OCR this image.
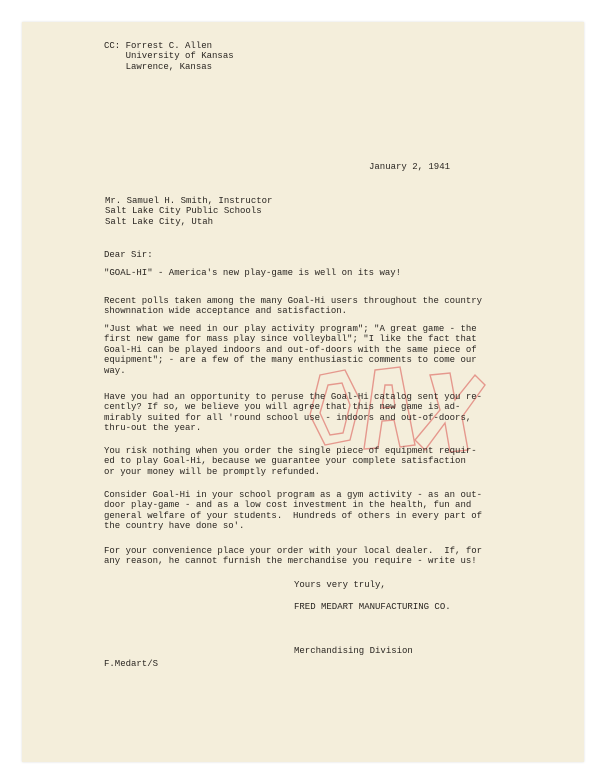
CC: Forrest C. Allen
University of Kansas
Lawrence, Kansas
January 2, 1941
Mr. Samuel H. Smith, Instructor
Salt Lake City Public Schools
Salt Lake City, Utah
Dear Sir:
"GOAL-HI" - America's new play-game is well on its way!
Recent polls taken among the many Goal-Hi users throughout the country
shownnation wide acceptance and satisfaction.
"Just what we need in our play activity program"; "A great game - the
first new game for mass play since volleyball"; "I like the fact that
Goal-Hi can be played indoors and out-of-doors with the same piece of
equipment"; - are a few of the many enthusiastic comments to come our
way.
Have you had an opportunity to peruse the Goal-Hi catalog sent you re-
cently? If so, we believe you will agree that this new game is ad-
mirably suited for all 'round school use - indoors and out-of-doors,
thru-out the year.
You risk nothing when you order the single piece of equipment requir-
ed to play Goal-Hi, because we guarantee your complete satisfaction
or your money will be promptly refunded.
Consider Goal-Hi in your school program as a gym activity - as an out-
door play-game - and as a low cost investment in the health, fun and
general welfare of your students.  Hundreds of others in every part of
the country have done so'.
For your convenience place your order with your local dealer.  If, for
any reason, he cannot furnish the merchandise you require - write us!
Yours very truly,
FRED MEDART MANUFACTURING CO.
Merchandising Division
F.Medart/S
